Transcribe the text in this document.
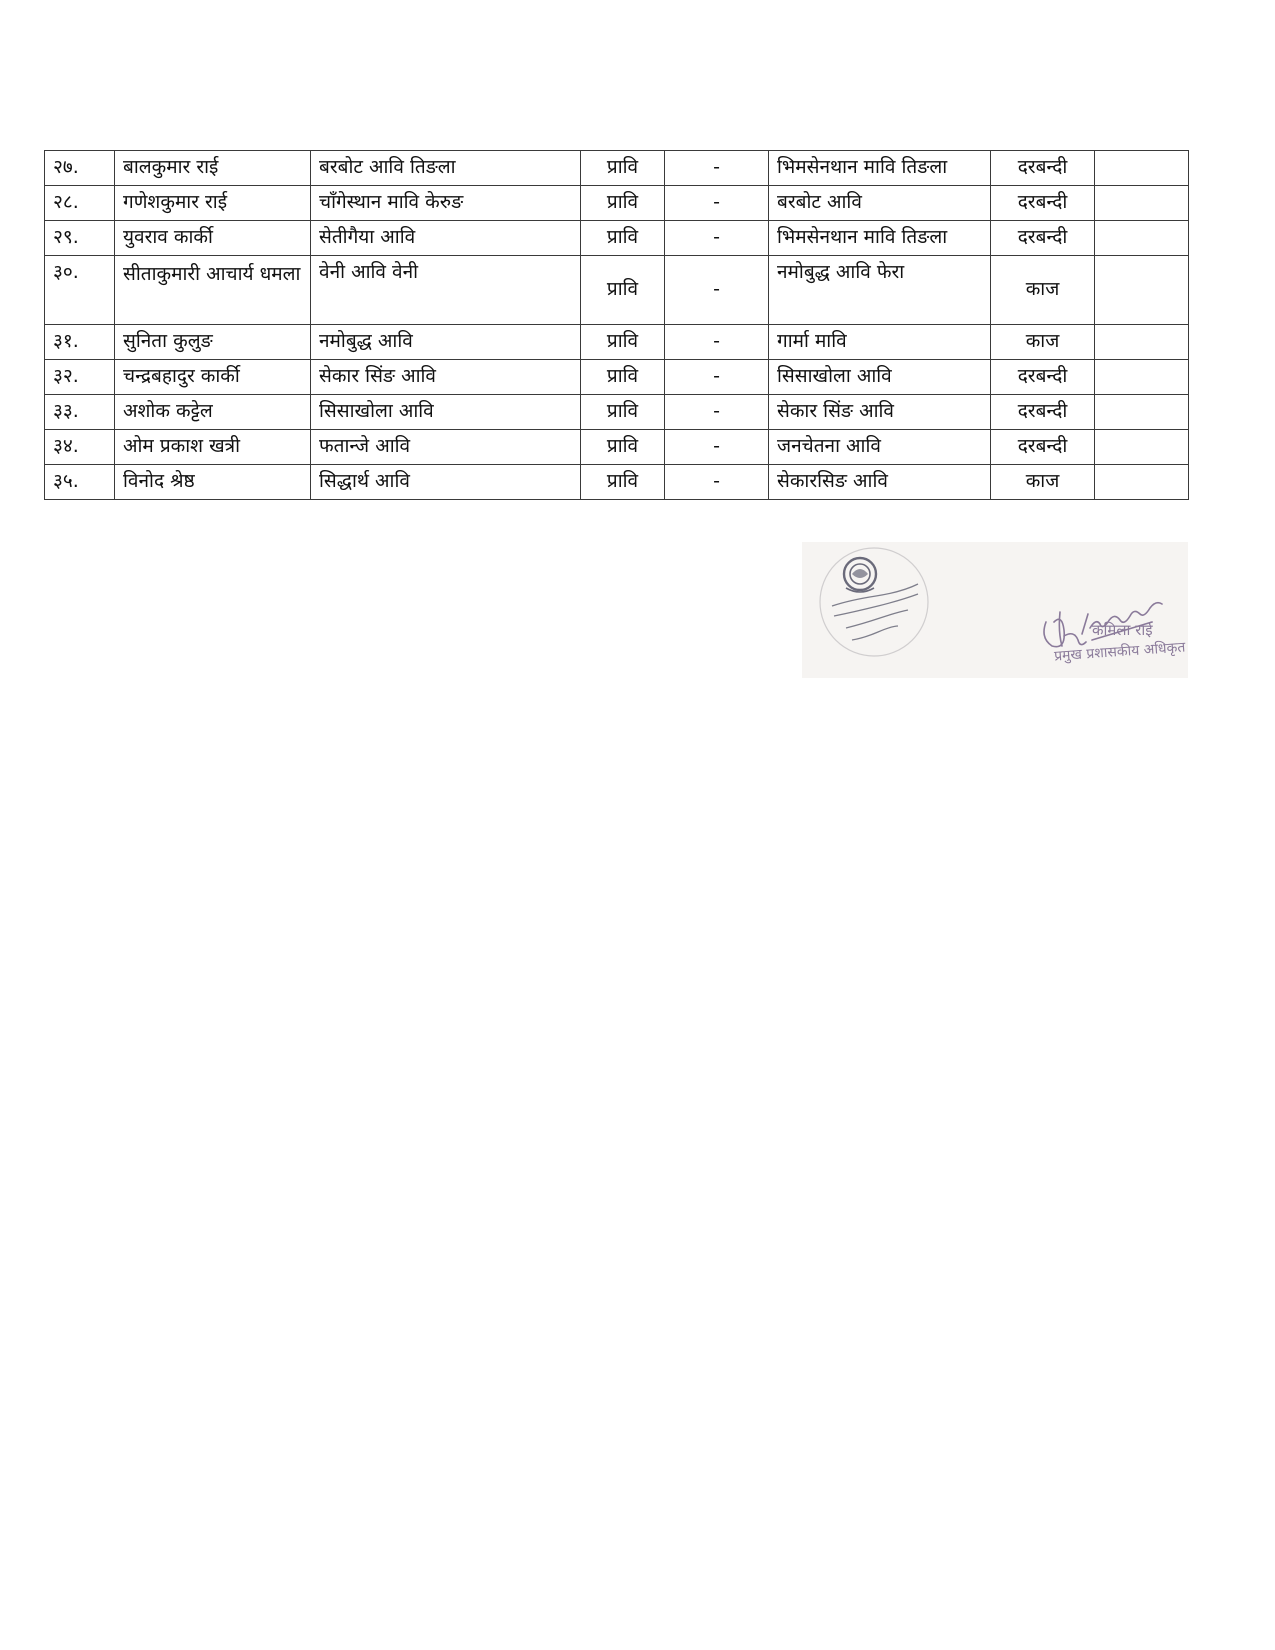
२७.	बालकुमार राई	बरबोट आवि तिङला	प्रावि	-	भिमसेनथान मावि तिङला	दरबन्दी	
२८.	गणेशकुमार राई	चाँगेस्थान मावि केरुङ	प्रावि	-	बरबोट आवि	दरबन्दी	
२९.	युवराव कार्की	सेतीगैया आवि	प्रावि	-	भिमसेनथान मावि तिङला	दरबन्दी	
३०.	सीताकुमारी आचार्य धमला	वेनी आवि वेनी	प्रावि	-	नमोबुद्ध आवि फेरा	काज	
३१.	सुनिता कुलुङ	नमोबुद्ध आवि	प्रावि	-	गार्मा मावि	काज	
३२.	चन्द्रबहादुर कार्की	सेकार सिंङ आवि	प्रावि	-	सिसाखोला आवि	दरबन्दी	
३३.	अशोक कट्टेल	सिसाखोला आवि	प्रावि	-	सेकार सिंङ आवि	दरबन्दी	
३४.	ओम प्रकाश खत्री	फतान्जे आवि	प्रावि	-	जनचेतना आवि	दरबन्दी	
३५.	विनोद श्रेष्ठ	सिद्धार्थ आवि	प्रावि	-	सेकारसिङ आवि	काज	
कमिला राई
प्रमुख प्रशासकीय अधिकृत
